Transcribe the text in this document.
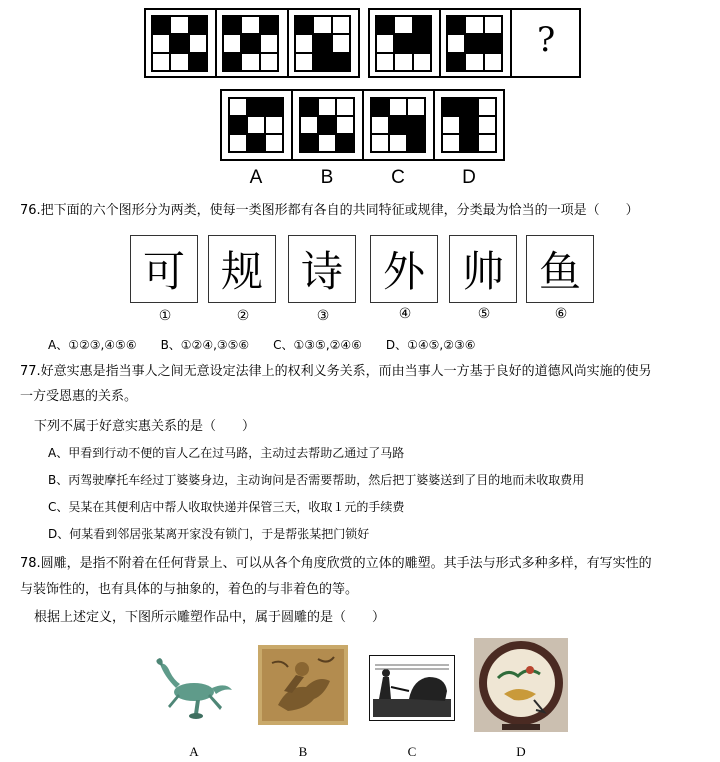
?
A	B	C	D
76.把下面的六个图形分为两类，使每一类图形都有各自的共同特征或规律，分类最为恰当的一项是（　　）
可 规 诗 外 帅 鱼
①	②	③	④	⑤	⑥
A、①②③,④⑤⑥　　B、①②④,③⑤⑥　　C、①③⑤,②④⑥　　D、①④⑤,②③⑥
77.好意实惠是指当事人之间无意设定法律上的权利义务关系，而由当事人一方基于良好的道德风尚实施的使另
一方受恩惠的关系。
下列不属于好意实惠关系的是（　　）
A、甲看到行动不便的盲人乙在过马路，主动过去帮助乙通过了马路
B、丙驾驶摩托车经过丁婆婆身边，主动询问是否需要帮助，然后把丁婆婆送到了目的地而未收取费用
C、吴某在其便利店中帮人收取快递并保管三天，收取１元的手续费
D、何某看到邻居张某离开家没有锁门，于是帮张某把门锁好
78.圆雕，是指不附着在任何背景上、可以从各个角度欣赏的立体的雕塑。其手法与形式多种多样，有写实性的
与装饰性的，也有具体的与抽象的，着色的与非着色的等。
根据上述定义，下图所示雕塑作品中，属于圆雕的是（　　）
A	B	C	D
